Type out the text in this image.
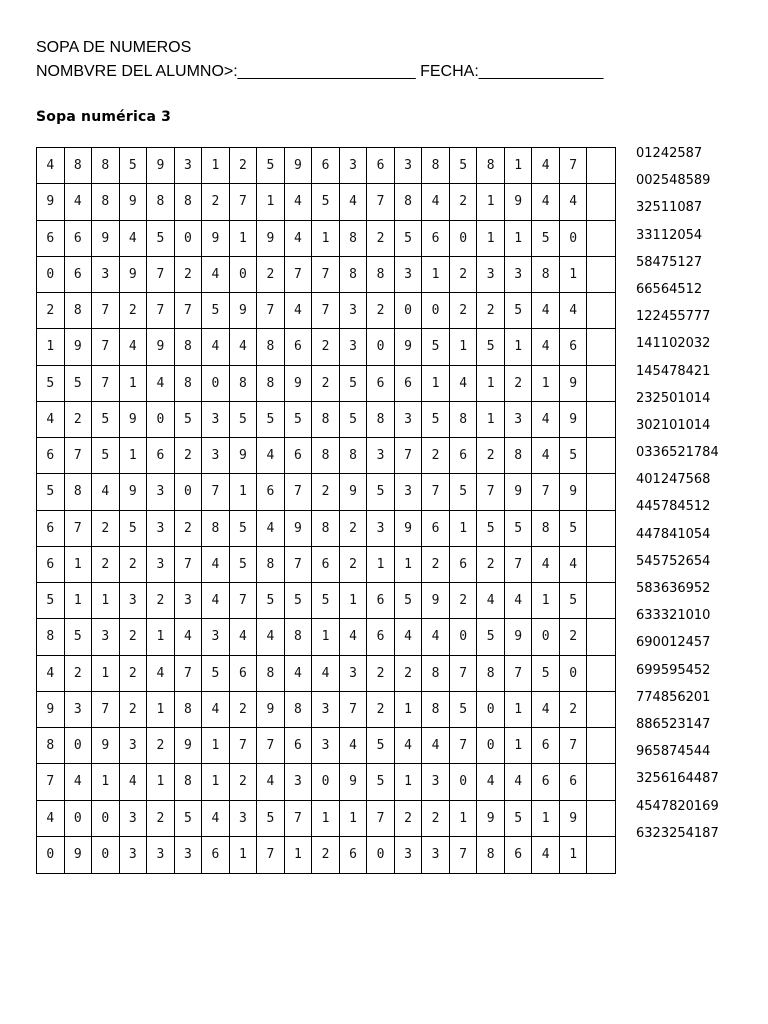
SOPA DE NUMEROS
NOMBVRE DEL ALUMNO>:____________________ FECHA:______________
Sopa numérica 3
4	8	8	5	9	3	1	2	5	9	6	3	6	3	8	5	8	1	4	7
9	4	8	9	8	8	2	7	1	4	5	4	7	8	4	2	1	9	4	4
6	6	9	4	5	0	9	1	9	4	1	8	2	5	6	0	1	1	5	0
0	6	3	9	7	2	4	0	2	7	7	8	8	3	1	2	3	3	8	1
2	8	7	2	7	7	5	9	7	4	7	3	2	0	0	2	2	5	4	4
1	9	7	4	9	8	4	4	8	6	2	3	0	9	5	1	5	1	4	6
5	5	7	1	4	8	0	8	8	9	2	5	6	6	1	4	1	2	1	9
4	2	5	9	0	5	3	5	5	5	8	5	8	3	5	8	1	3	4	9
6	7	5	1	6	2	3	9	4	6	8	8	3	7	2	6	2	8	4	5
5	8	4	9	3	0	7	1	6	7	2	9	5	3	7	5	7	9	7	9
6	7	2	5	3	2	8	5	4	9	8	2	3	9	6	1	5	5	8	5
6	1	2	2	3	7	4	5	8	7	6	2	1	1	2	6	2	7	4	4
5	1	1	3	2	3	4	7	5	5	5	1	6	5	9	2	4	4	1	5
8	5	3	2	1	4	3	4	4	8	1	4	6	4	4	0	5	9	0	2
4	2	1	2	4	7	5	6	8	4	4	3	2	2	8	7	8	7	5	0
9	3	7	2	1	8	4	2	9	8	3	7	2	1	8	5	0	1	4	2
8	0	9	3	2	9	1	7	7	6	3	4	5	4	4	7	0	1	6	7
7	4	1	4	1	8	1	2	4	3	0	9	5	1	3	0	4	4	6	6
4	0	0	3	2	5	4	3	5	7	1	1	7	2	2	1	9	5	1	9
0	9	0	3	3	3	6	1	7	1	2	6	0	3	3	7	8	6	4	1
01242587
002548589
32511087
33112054
58475127
66564512
122455777
141102032
145478421
232501014
302101014
0336521784
401247568
445784512
447841054
545752654
583636952
633321010
690012457
699595452
774856201
886523147
965874544
3256164487
4547820169
6323254187
